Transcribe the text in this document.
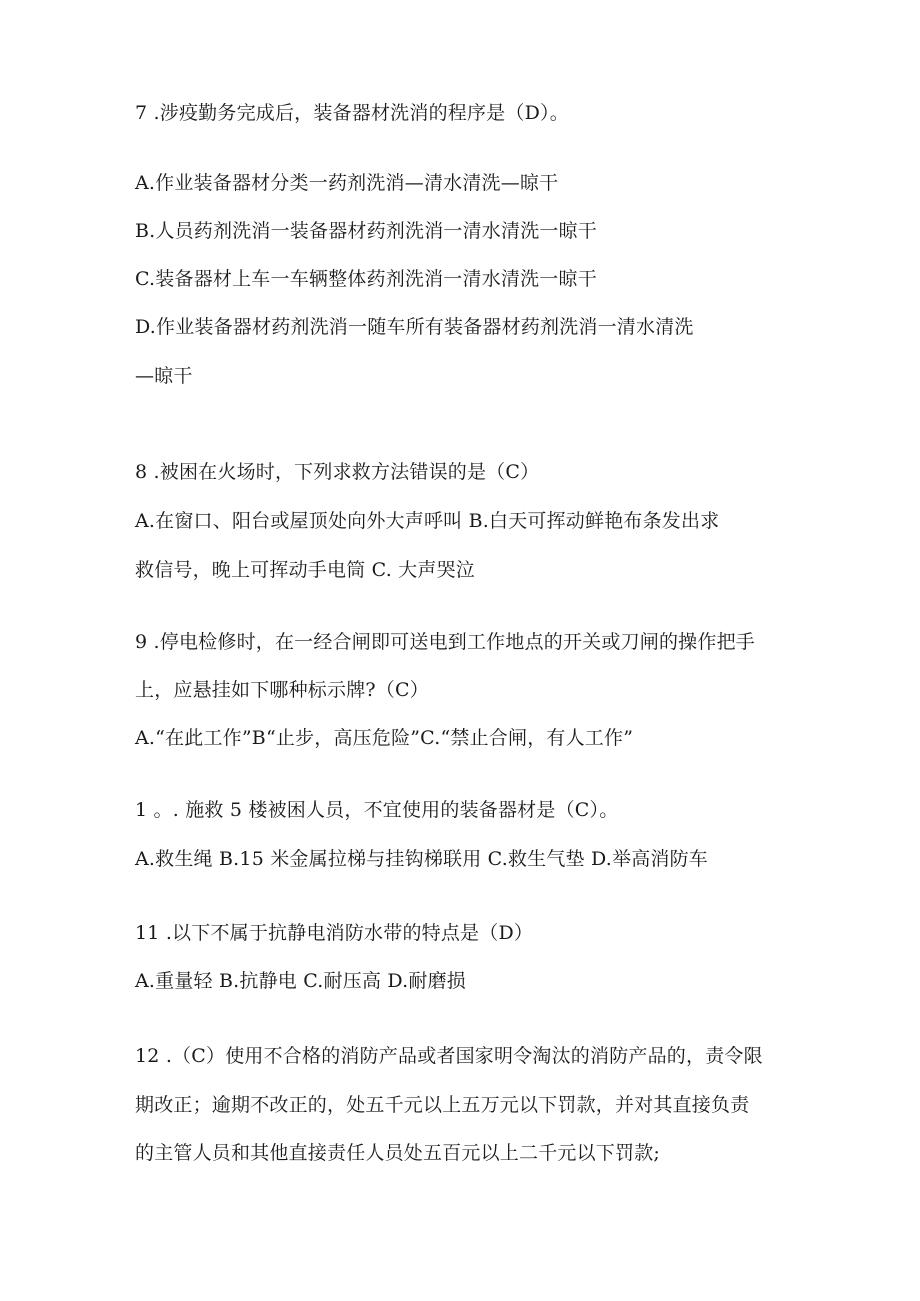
7 .涉疫勤务完成后，装备器材洗消的程序是（D）。
A.作业装备器材分类一药剂洗消—清水清洗—晾干
B.人员药剂洗消一装备器材药剂洗消一清水清洗一晾干
C.装备器材上车一车辆整体药剂洗消一清水清洗一晾干
D.作业装备器材药剂洗消一随车所有装备器材药剂洗消一清水清洗
—晾干
8 .被困在火场时，下列求救方法错误的是（C）
A.在窗口、阳台或屋顶处向外大声呼叫 B.白天可挥动鲜艳布条发出求
救信号，晚上可挥动手电筒 C. 大声哭泣
9 .停电检修时，在一经合闸即可送电到工作地点的开关或刀闸的操作把手
上，应悬挂如下哪种标示牌?（C）
A.“在此工作”B“止步，高压危险”C.“禁止合闸，有人工作”
1 。. 施救 5 楼被困人员，不宜使用的装备器材是（C）。
A.救生绳 B.15 米金属拉梯与挂钩梯联用 C.救生气垫 D.举高消防车
11 .以下不属于抗静电消防水带的特点是（D）
A.重量轻 B.抗静电 C.耐压高 D.耐磨损
12 .（C）使用不合格的消防产品或者国家明令淘汰的消防产品的，责令限
期改正；逾期不改正的，处五千元以上五万元以下罚款，并对其直接负责
的主管人员和其他直接责任人员处五百元以上二千元以下罚款;
